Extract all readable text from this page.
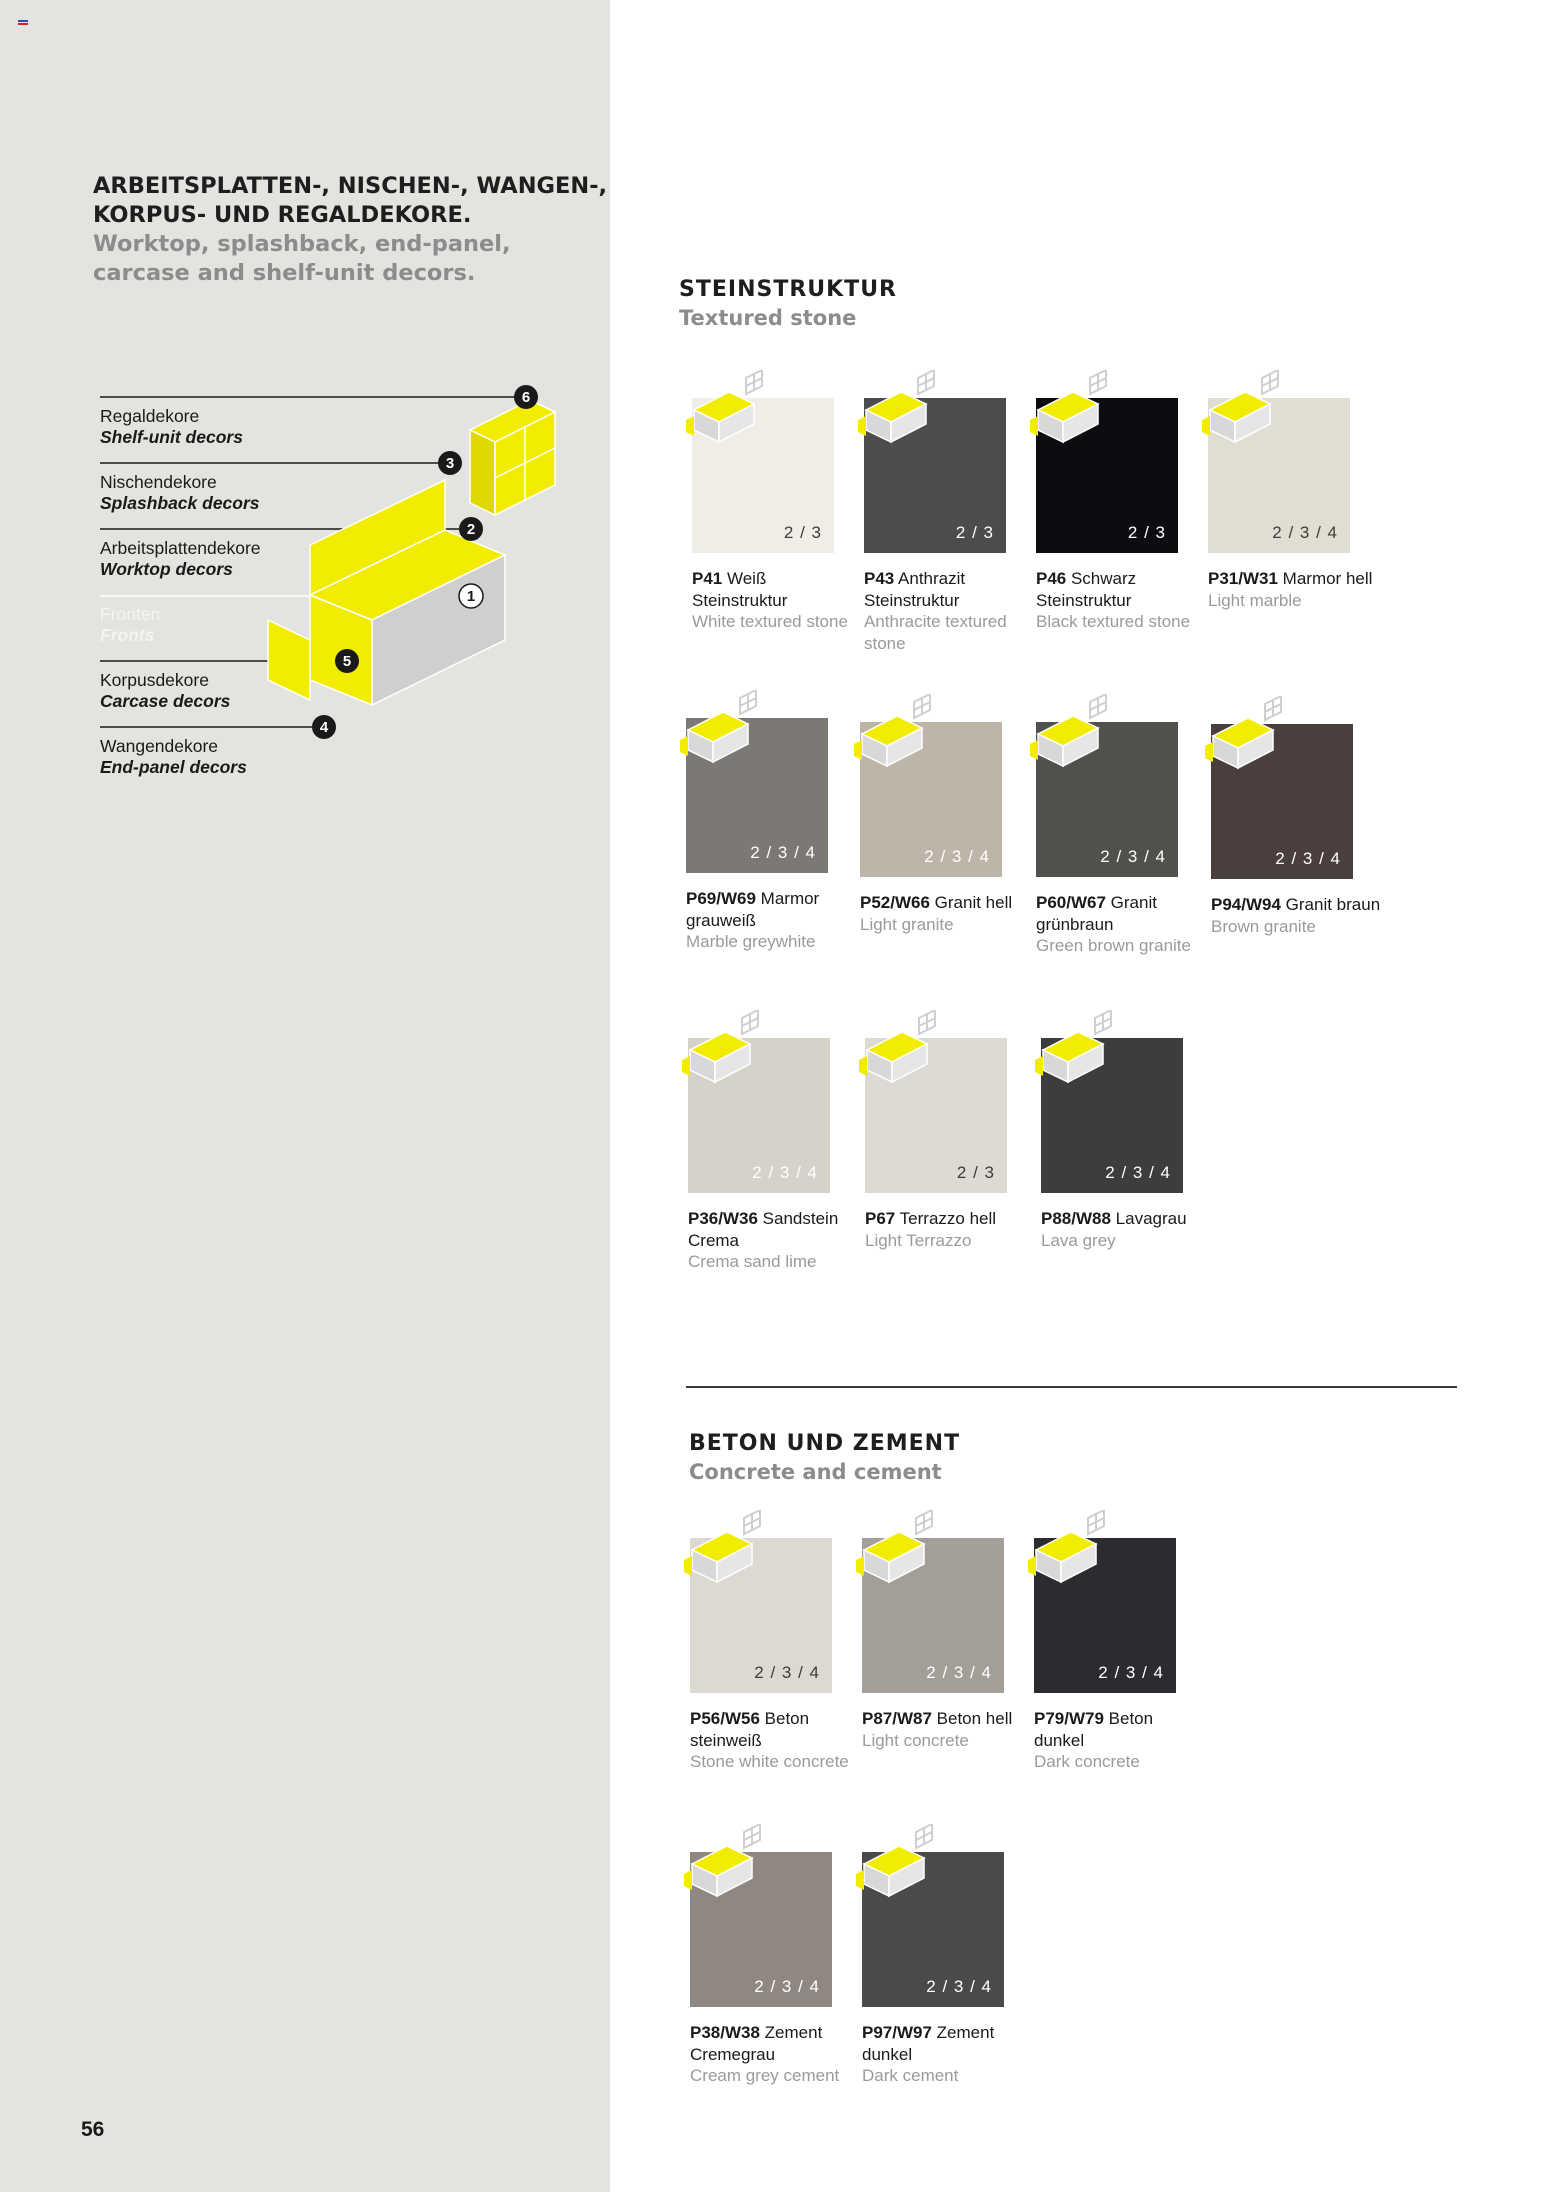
ARBEITSPLATTEN-, NISCHEN-, WANGEN-,
KORPUS- UND REGALDEKORE.
Worktop, splashback, end-panel,
carcase and shelf-unit decors.
6
3
2
1
5
4
Regaldekore
Shelf-unit decors
Nischendekore
Splashback decors
Arbeitsplattendekore
Worktop decors
Fronten
Fronts
Korpusdekore
Carcase decors
Wangendekore
End-panel decors
56
STEINSTRUKTUR
Textured stone
BETON UND ZEMENT
Concrete and cement
2 / 3
P41 Weiß Steinstruktur
White textured stone
2 / 3
P43 Anthrazit Steinstruktur
Anthracite textured stone
2 / 3
P46 Schwarz Steinstruktur
Black textured stone
2 / 3 / 4
P31/W31 Marmor hell
Light marble
2 / 3 / 4
P69/W69 Marmor grauweiß
Marble greywhite
2 / 3 / 4
P52/W66 Granit hell
Light granite
2 / 3 / 4
P60/W67 Granit grünbraun
Green brown granite
2 / 3 / 4
P94/W94 Granit braun
Brown granite
2 / 3 / 4
P36/W36 Sandstein Crema
Crema sand lime
2 / 3
P67 Terrazzo hell
Light Terrazzo
2 / 3 / 4
P88/W88 Lavagrau
Lava grey
2 / 3 / 4
P56/W56 Beton steinweiß
Stone white concrete
2 / 3 / 4
P87/W87 Beton hell
Light concrete
2 / 3 / 4
P79/W79 Beton dunkel
Dark concrete
2 / 3 / 4
P38/W38 Zement Cremegrau
Cream grey cement
2 / 3 / 4
P97/W97 Zement dunkel
Dark cement
